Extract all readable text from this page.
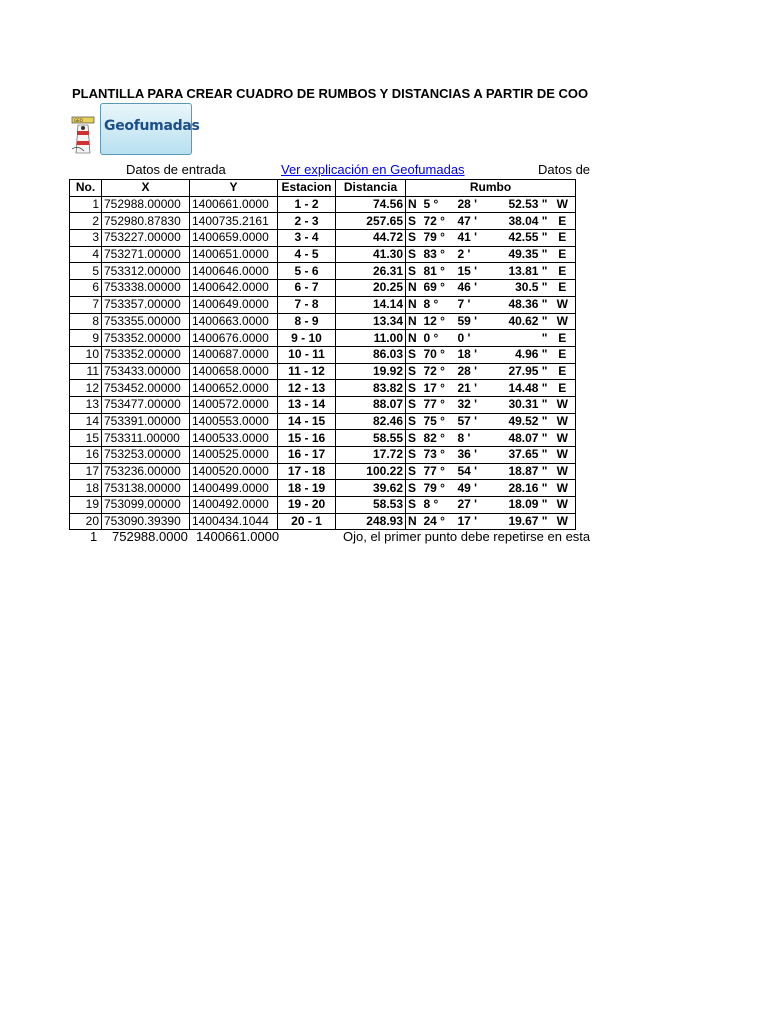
PLANTILLA PARA CREAR CUADRO DE RUMBOS Y DISTANCIAS A PARTIR DE COO
GEO Geofumadas
Datos de entrada	Ver explicación en Geofumadas	Datos de
No.	X	Y	Estacion	Distancia	Rumbo				
1	752988.00000	1400661.0000	1 - 2	74.56	N	5 °	28 '	52.53 "	W
2	752980.87830	1400735.2161	2 - 3	257.65	S	72 °	47 '	38.04 "	E
3	753227.00000	1400659.0000	3 - 4	44.72	S	79 °	41 '	42.55 "	E
4	753271.00000	1400651.0000	4 - 5	41.30	S	83 °	2 '	49.35 "	E
5	753312.00000	1400646.0000	5 - 6	26.31	S	81 °	15 '	13.81 "	E
6	753338.00000	1400642.0000	6 - 7	20.25	N	69 °	46 '	30.5 "	E
7	753357.00000	1400649.0000	7 - 8	14.14	N	8 °	7 '	48.36 "	W
8	753355.00000	1400663.0000	8 - 9	13.34	N	12 °	59 '	40.62 "	W
9	753352.00000	1400676.0000	9 - 10	11.00	N	0 °	0 '	"	E
10	753352.00000	1400687.0000	10 - 11	86.03	S	70 °	18 '	4.96 "	E
11	753433.00000	1400658.0000	11 - 12	19.92	S	72 °	28 '	27.95 "	E
12	753452.00000	1400652.0000	12 - 13	83.82	S	17 °	21 '	14.48 "	E
13	753477.00000	1400572.0000	13 - 14	88.07	S	77 °	32 '	30.31 "	W
14	753391.00000	1400553.0000	14 - 15	82.46	S	75 °	57 '	49.52 "	W
15	753311.00000	1400533.0000	15 - 16	58.55	S	82 °	8 '	48.07 "	W
16	753253.00000	1400525.0000	16 - 17	17.72	S	73 °	36 '	37.65 "	W
17	753236.00000	1400520.0000	17 - 18	100.22	S	77 °	54 '	18.87 "	W
18	753138.00000	1400499.0000	18 - 19	39.62	S	79 °	49 '	28.16 "	W
19	753099.00000	1400492.0000	19 - 20	58.53	S	8 °	27 '	18.09 "	W
20	753090.39390	1400434.1044	20 - 1	248.93	N	24 °	17 '	19.67 "	W
1 752988.0000 1400661.0000	Ojo, el primer punto debe repetirse en esta
